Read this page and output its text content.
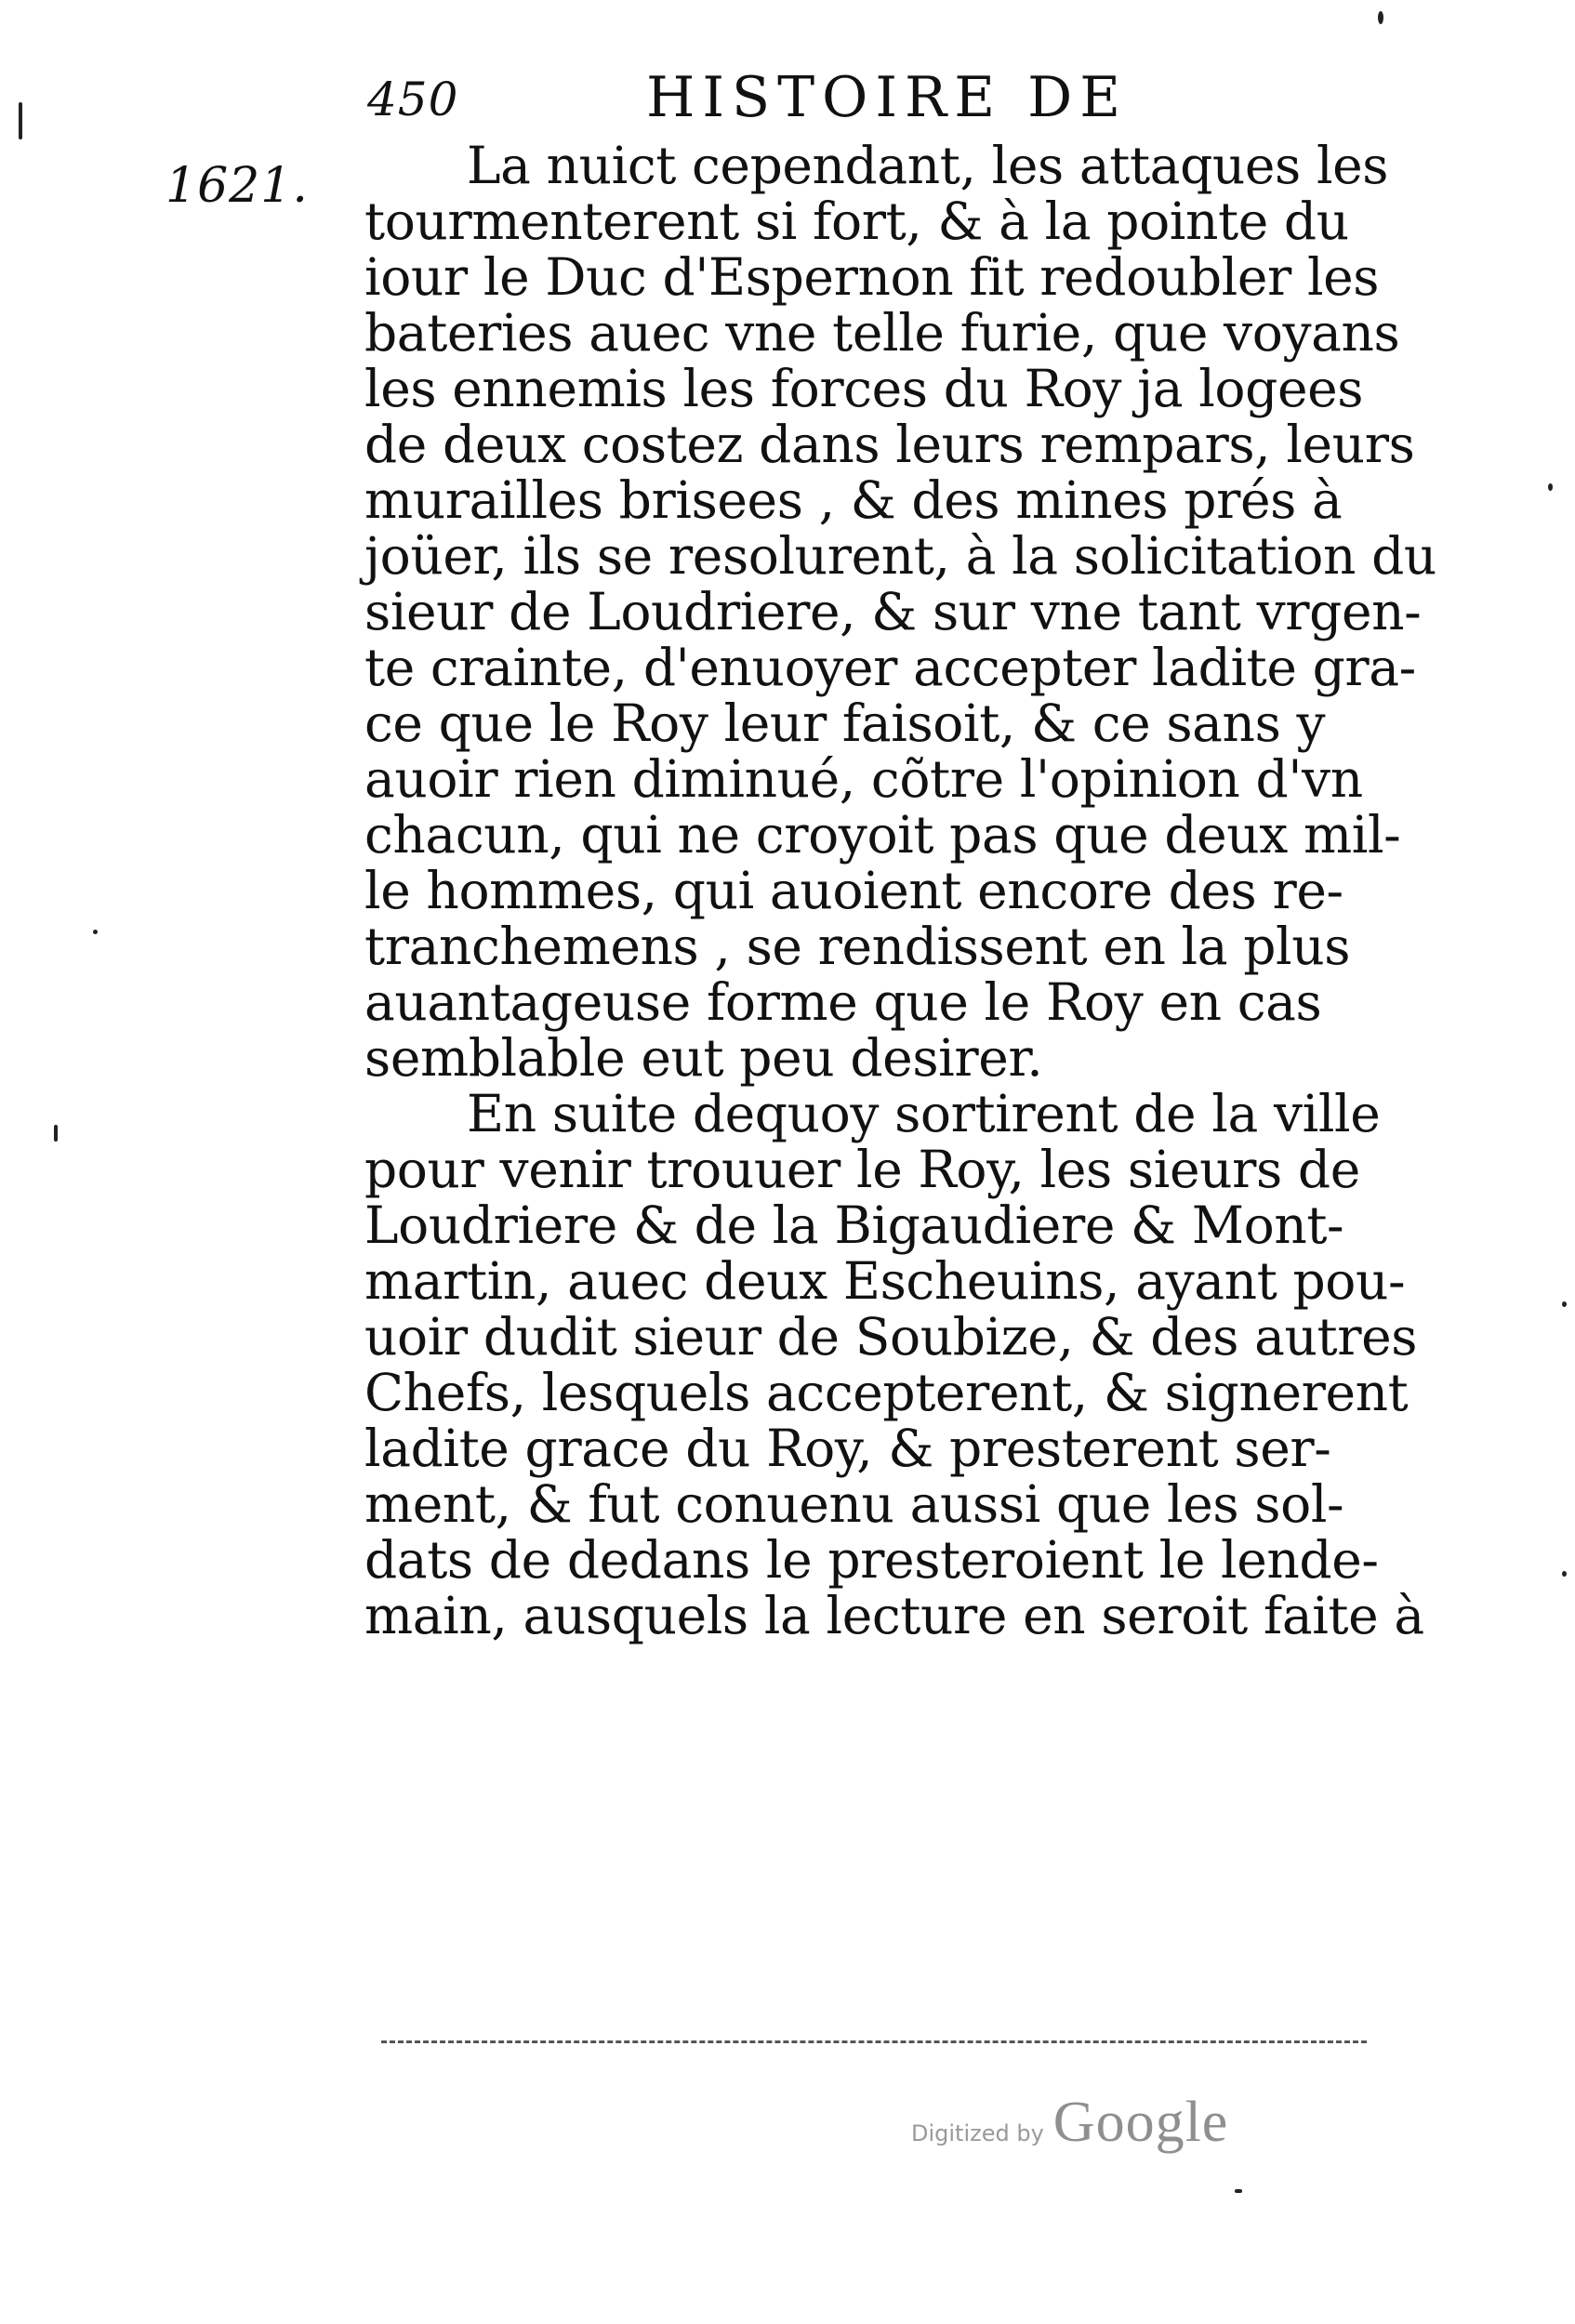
450	HISTOIRE DE
1621.	La nuict cependant, les attaques les
tourmenterent si fort, & à la pointe du
iour le Duc d'Espernon fit redoubler les
bateries auec vne telle furie, que voyans
les ennemis les forces du Roy ja logees
de deux costez dans leurs rempars, leurs
murailles brisees , & des mines prés à
joüer, ils se resolurent, à la solicitation du
sieur de Loudriere, & sur vne tant vrgen-
te crainte, d'enuoyer accepter ladite gra-
ce que le Roy leur faisoit, & ce sans y
auoir rien diminué, cõtre l'opinion d'vn
chacun, qui ne croyoit pas que deux mil-
le hommes, qui auoient encore des re-
tranchemens , se rendissent en la plus
auantageuse forme que le Roy en cas
semblable eut peu desirer.
En suite dequoy sortirent de la ville
pour venir trouuer le Roy, les sieurs de
Loudriere & de la Bigaudiere & Mont-
martin, auec deux Escheuins, ayant pou-
uoir dudit sieur de Soubize, & des autres
Chefs, lesquels accepterent, & signerent
ladite grace du Roy, & presterent ser-
ment, & fut conuenu aussi que les sol-
dats de dedans le presteroient le lende-
main, ausquels la lecture en seroit faite à
Digitized by Google
